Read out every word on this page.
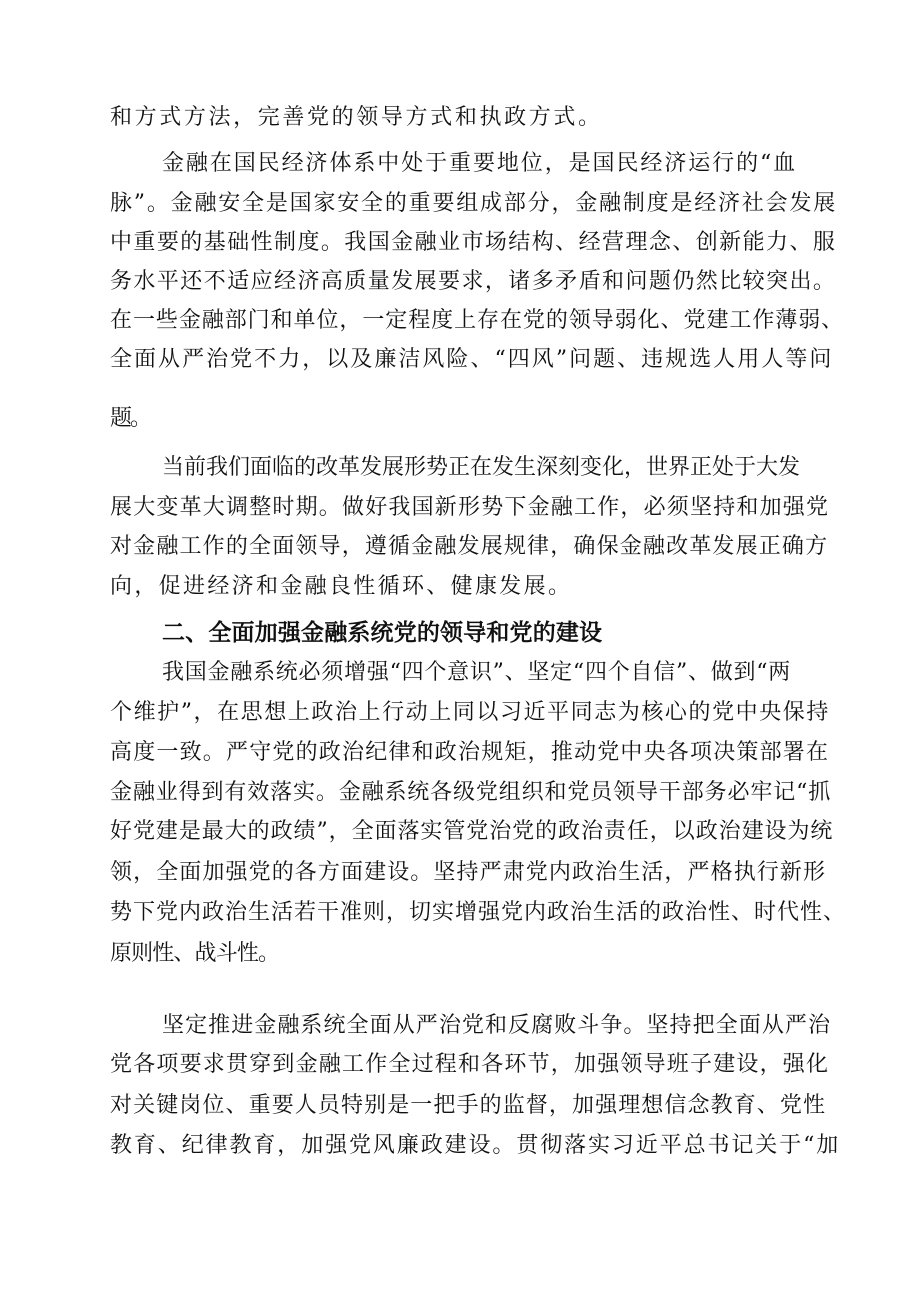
和方式方法，完善党的领导方式和执政方式。
金融在国民经济体系中处于重要地位，是国民经济运行的“血
脉”。金融安全是国家安全的重要组成部分，金融制度是经济社会发展
中重要的基础性制度。我国金融业市场结构、经营理念、创新能力、服
务水平还不适应经济高质量发展要求，诸多矛盾和问题仍然比较突出。
在一些金融部门和单位，一定程度上存在党的领导弱化、党建工作薄弱、
全面从严治党不力，以及廉洁风险、“四风”问题、违规选人用人等问
题。
当前我们面临的改革发展形势正在发生深刻变化，世界正处于大发
展大变革大调整时期。做好我国新形势下金融工作，必须坚持和加强党
对金融工作的全面领导，遵循金融发展规律，确保金融改革发展正确方
向，促进经济和金融良性循环、健康发展。
二、全面加强金融系统党的领导和党的建设
我国金融系统必须增强“四个意识”、坚定“四个自信”、做到“两
个维护”，在思想上政治上行动上同以习近平同志为核心的党中央保持
高度一致。严守党的政治纪律和政治规矩，推动党中央各项决策部署在
金融业得到有效落实。金融系统各级党组织和党员领导干部务必牢记“抓
好党建是最大的政绩”，全面落实管党治党的政治责任，以政治建设为统
领，全面加强党的各方面建设。坚持严肃党内政治生活，严格执行新形
势下党内政治生活若干准则，切实增强党内政治生活的政治性、时代性、
原则性、战斗性。
坚定推进金融系统全面从严治党和反腐败斗争。坚持把全面从严治
党各项要求贯穿到金融工作全过程和各环节，加强领导班子建设，强化
对关键岗位、重要人员特别是一把手的监督，加强理想信念教育、党性
教育、纪律教育，加强党风廉政建设。贯彻落实习近平总书记关于“加
